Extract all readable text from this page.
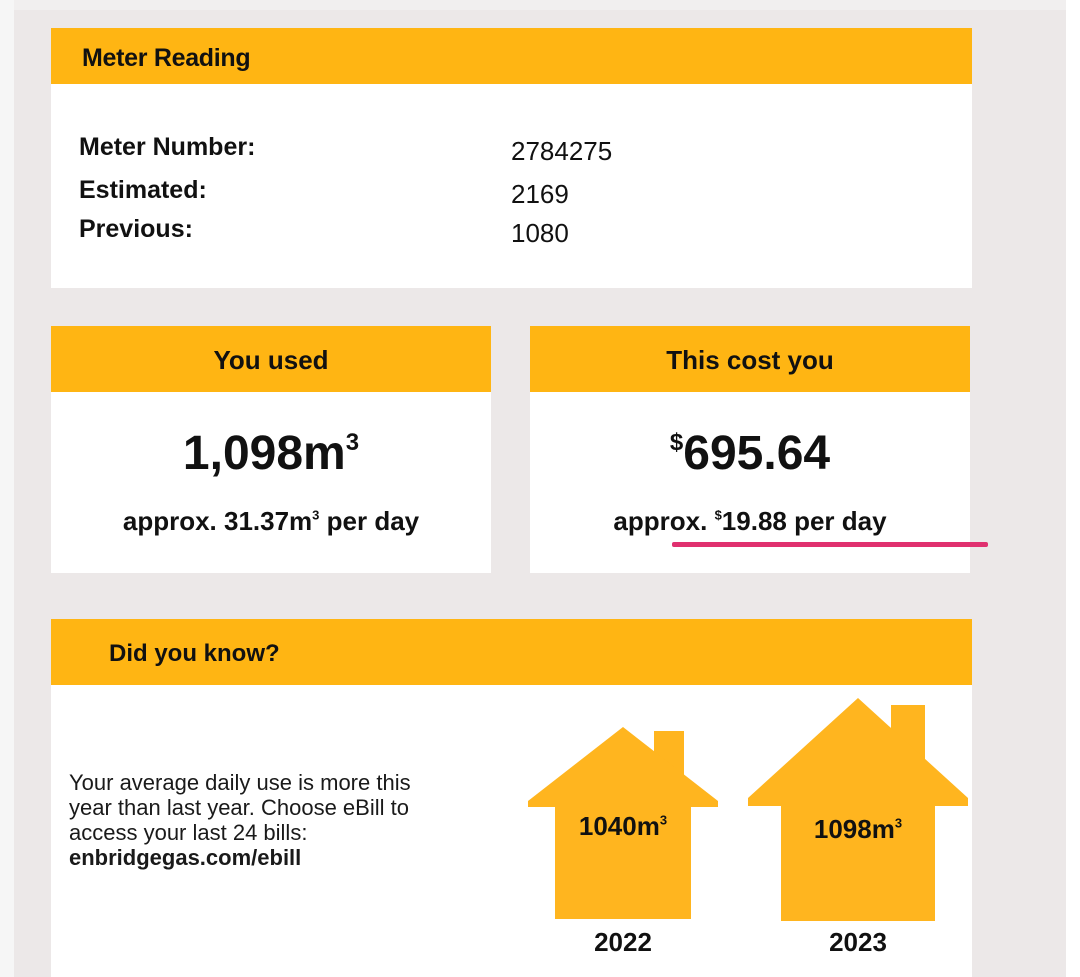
Meter Reading
Meter Number:	2784275
Estimated:	2169
Previous:	1080
You used
$1,098m^3$
approx. $31.37m^3$ per day
This cost you
$695.64
approx. $19.88 per day
Did you know?
Your average daily use is more this
year than last year. Choose eBill to
access your last 24 bills:
enbridgegas.com/ebill
$1040m^3$
2022
$1098m^3$
2023
